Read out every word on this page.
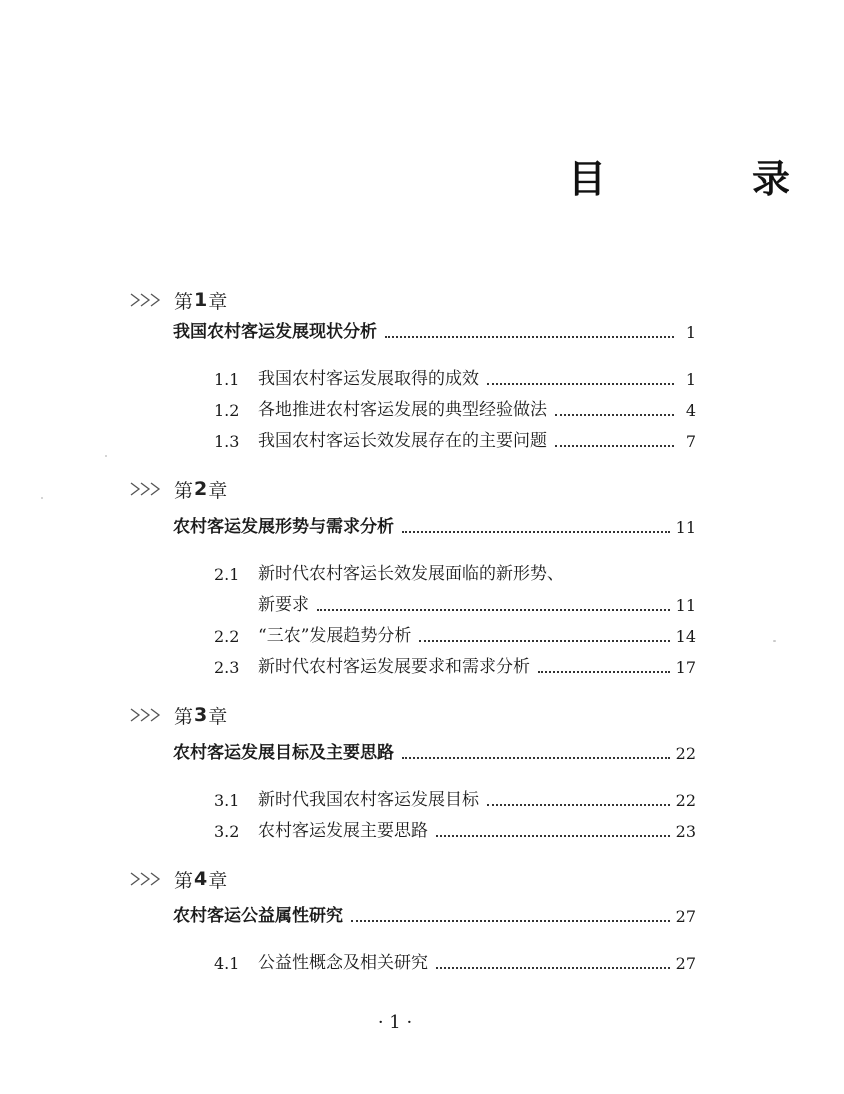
目　录
第 1 章
我国农村客运发展现状分析	1
1.1	我国农村客运发展取得的成效	1
1.2	各地推进农村客运发展的典型经验做法	4
1.3	我国农村客运长效发展存在的主要问题	7
第 2 章
农村客运发展形势与需求分析	11
2.1	新时代农村客运长效发展面临的新形势、
新要求	11
2.2	“三农”发展趋势分析	14
2.3	新时代农村客运发展要求和需求分析	17
第 3 章
农村客运发展目标及主要思路	22
3.1	新时代我国农村客运发展目标	22
3.2	农村客运发展主要思路	23
第 4 章
农村客运公益属性研究	27
4.1	公益性概念及相关研究	27
· 1 ·
